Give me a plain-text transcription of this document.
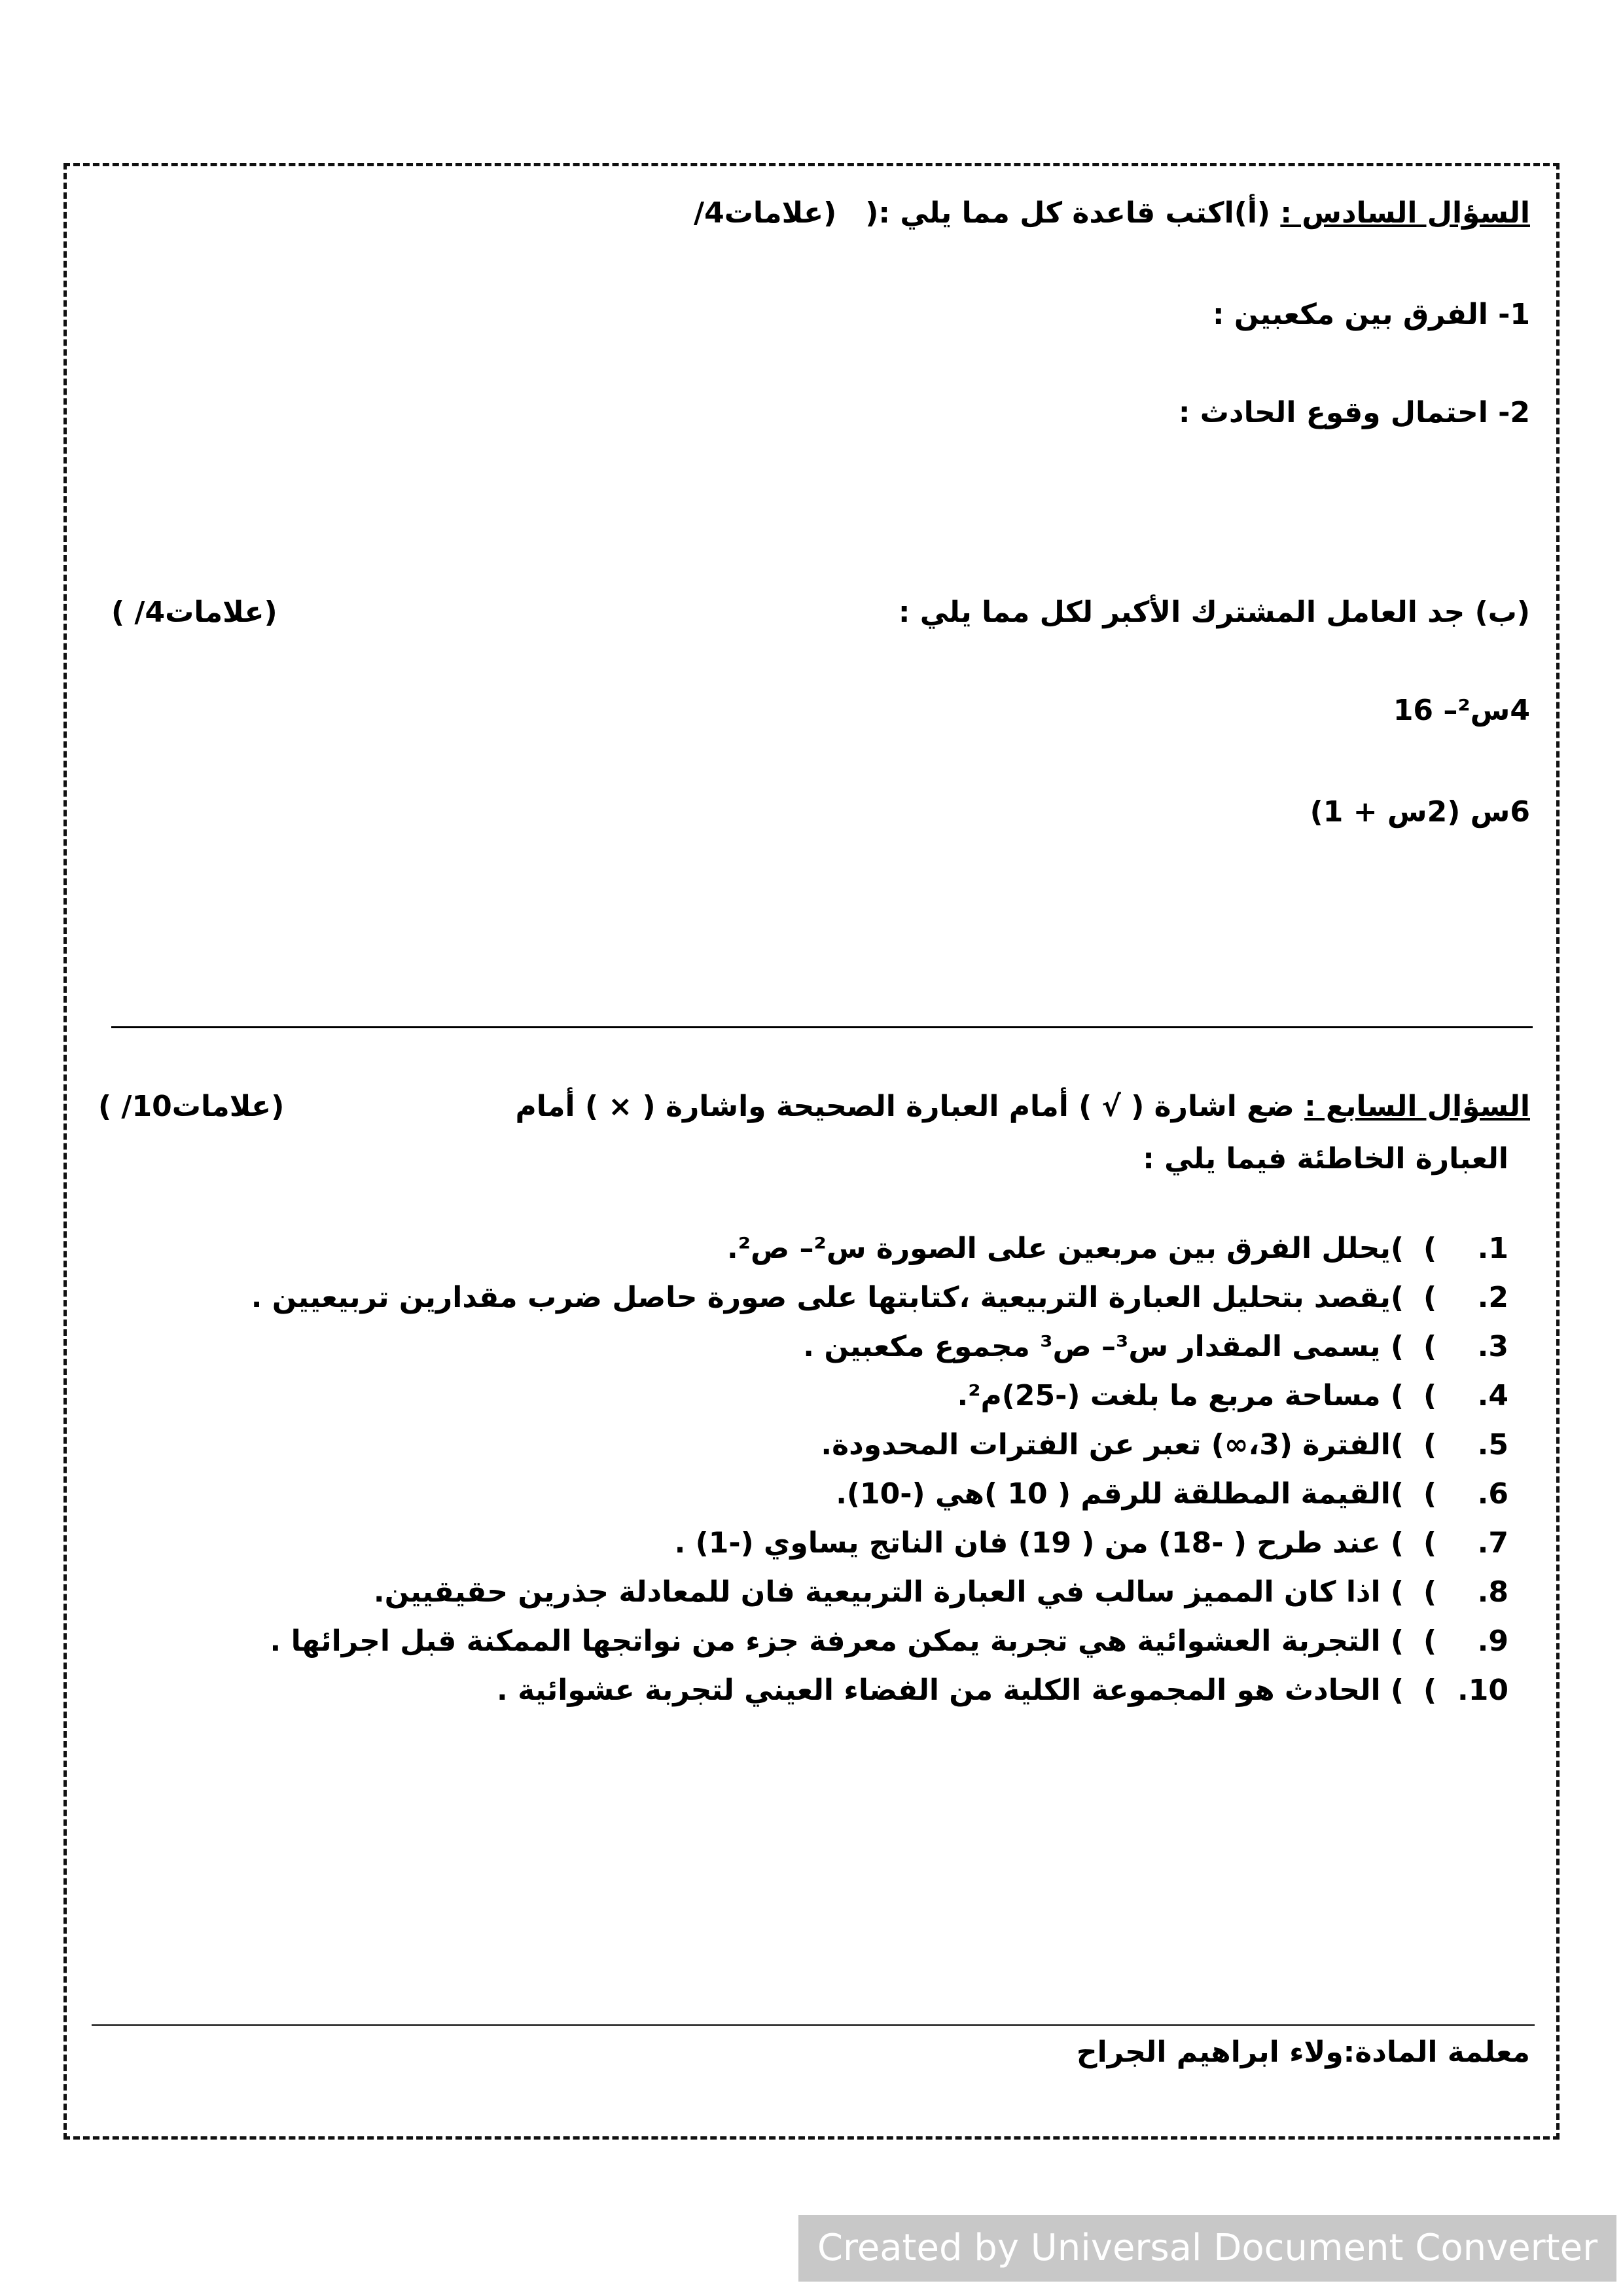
السؤال السادس : (أ)اكتب قاعدة كل مما يلي :(
/4علامات)
1- الفرق بين مكعبين :
2- احتمال وقوع الحادث :
(ب) جد العامل المشترك الأكبر لكل مما يلي :
( /4علامات)
4س²– 16
6س (2س + 1)
السؤال السابع : ضع اشارة ( √ ) أمام العبارة الصحيحة واشارة ( × ) أمام
( /10علامات)
العبارة الخاطئة فيما يلي :
1.
(
)يحلل الفرق بين مربعين على الصورة س²– ص².
2.
(
)يقصد بتحليل العبارة التربيعية ،كتابتها على صورة حاصل ضرب مقدارين تربيعيين .
3.
(
) يسمى المقدار س³– ص³ مجموع مكعبين .
4.
(
) مساحة مربع ما بلغت (-25)م².
5.
(
)الفترة (3،∞) تعبر عن الفترات المحدودة.
6.
(
)القيمة المطلقة للرقم ( 10 )هي (-10).
7.
(
) عند طرح ( -18) من ( 19) فان الناتج يساوي (-1) .
8.
(
) اذا كان المميز سالب في العبارة التربيعية فان للمعادلة جذرين حقيقيين.
9.
(
) التجربة العشوائية هي تجربة يمكن معرفة جزء من نواتجها الممكنة قبل اجرائها .
10.
(
) الحادث هو المجموعة الكلية من الفضاء العيني لتجربة عشوائية .
معلمة المادة:ولاء ابراهيم الجراح
Created by Universal Document Converter
